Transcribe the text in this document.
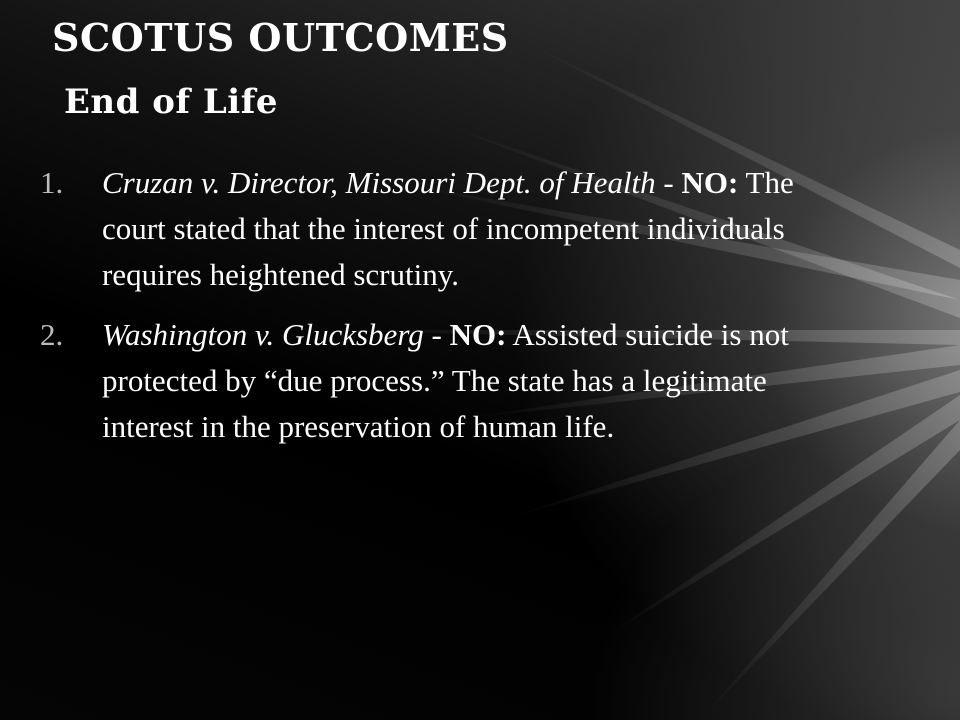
SCOTUS OUTCOMES
End of Life
1. Cruzan v. Director, Missouri Dept. of Health - NO: The court stated that the interest of incompetent individuals requires heightened scrutiny.
2. Washington v. Glucksberg - NO: Assisted suicide is not protected by “due process.” The state has a legitimate interest in the preservation of human life.
